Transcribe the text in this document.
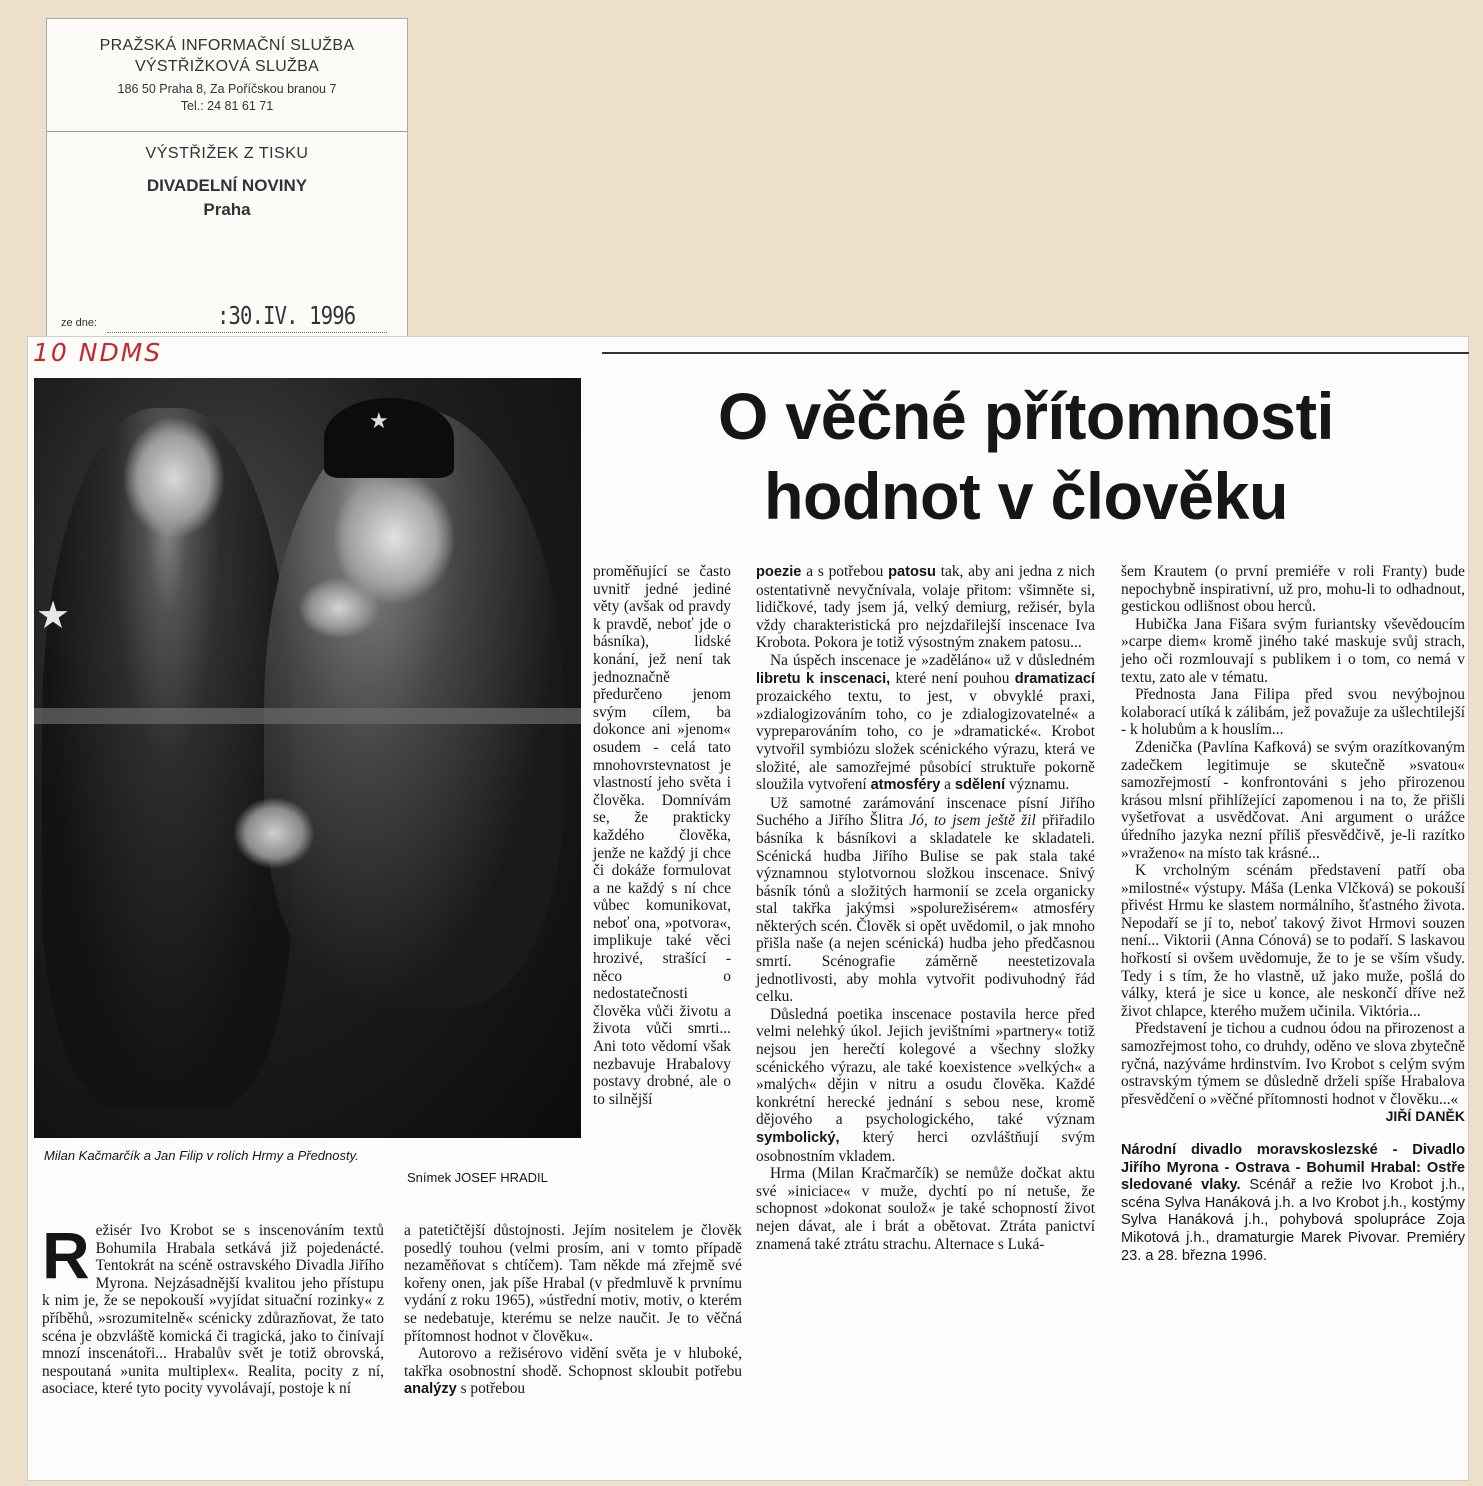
PRAŽSKÁ INFORMAČNÍ SLUŽBA
VÝSTŘIŽKOVÁ SLUŽBA
186 50 Praha 8, Za Poříčskou branou 7
Tel.: 24 81 61 71
VÝSTŘIŽEK Z TISKU
DIVADELNÍ NOVINY
Praha
ze dne:	:30.IV. 1996
10 NDMS
★
★
Milan Kačmarčík a Jan Filip v rolích Hrmy a Přednosty.
Snímek JOSEF HRADIL
O věčné přítomnosti
hodnot v člověku

proměňující se často uvnitř jedné jediné věty (avšak od pravdy k pravdě, neboť jde o básníka), lidské konání, jež není tak jednoznačně předurčeno jenom svým cílem, ba dokonce ani »jenom« osudem - celá tato mnohovrstevnatost je vlastností jeho světa i člověka. Domnívám se, že prakticky každého člověka, jenže ne každý ji chce či dokáže formulovat a ne každý s ní chce vůbec komunikovat, neboť ona, »potvora«, implikuje také věci hrozivé, strašící - něco o nedostatečnosti člověka vůči životu a života vůči smrti... Ani toto vědomí však nezbavuje Hrabalovy postavy drobné, ale o to silnější

Režisér Ivo Krobot se s inscenováním textů Bohumila Hrabala setkává již pojedenácté. Tentokrát na scéně ostravského Divadla Jiřího Myrona. Nejzásadnější kvalitou jeho přístupu k nim je, že se nepokouší »vyjídat situační rozinky« z příběhů, »srozumitelně« scénicky zdůrazňovat, že tato scéna je obzvláště komická či tragická, jako to činívají mnozí inscenátoři... Hrabalův svět je totiž obrovská, nespoutaná »unita multiplex«. Realita, pocity z ní, asociace, které tyto pocity vyvolávají, postoje k ní

a patetičtější důstojnosti. Jejím nositelem je člověk posedlý touhou (velmi prosím, ani v tomto případě nezaměňovat s chtíčem). Tam někde má zřejmě své kořeny onen, jak píše Hrabal (v předmluvě k prvnímu vydání z roku 1965), »ústřední motiv, motiv, o kterém se nedebatuje, kterému se nelze naučit. Je to věčná přítomnost hodnot v člověku«.

Autorovo a režisérovo vidění světa je v hluboké, takřka osobnostní shodě. Schopnost skloubit potřebu analýzy s potřebou

poezie a s potřebou patosu tak, aby ani jedna z nich ostentativně nevyčnívala, volaje přitom: všimněte si, lidičkové, tady jsem já, velký demiurg, režisér, byla vždy charakteristická pro nejzdařilejší inscenace Iva Krobota. Pokora je totiž výsostným znakem patosu...

Na úspěch inscenace je »zaděláno« už v důsledném libretu k inscenaci, které není pouhou dramatizací prozaického textu, to jest, v obvyklé praxi, »zdialogizováním toho, co je zdialogizovatelné« a vypreparováním toho, co je »dramatické«. Krobot vytvořil symbiózu složek scénického výrazu, která ve složité, ale samozřejmé působící struktuře pokorně sloužila vytvoření atmosféry a sdělení významu.

Už samotné zarámování inscenace písní Jiřího Suchého a Jiřího Šlitra Jó, to jsem ještě žil přiřadilo básníka k básníkovi a skladatele ke skladateli. Scénická hudba Jiřího Bulise se pak stala také významnou stylotvornou složkou inscenace. Snivý básník tónů a složitých harmonií se zcela organicky stal takřka jakýmsi »spolurežisérem« atmosféry některých scén. Člověk si opět uvědomil, o jak mnoho přišla naše (a nejen scénická) hudba jeho předčasnou smrtí. Scénografie záměrně neestetizovala jednotlivosti, aby mohla vytvořit podivuhodný řád celku.

Důsledná poetika inscenace postavila herce před velmi nelehký úkol. Jejich jevištními »partnery« totiž nejsou jen herečtí kolegové a všechny složky scénického výrazu, ale také koexistence »velkých« a »malých« dějin v nitru a osudu člověka. Každé konkrétní herecké jednání s sebou nese, kromě dějového a psychologického, také význam symbolický, který herci ozvláštňují svým osobnostním vkladem.

Hrma (Milan Kračmarčík) se nemůže dočkat aktu své »iniciace« v muže, dychtí po ní netuše, že schopnost »dokonat soulož« je také schopností život nejen dávat, ale i brát a obětovat. Ztráta panictví znamená také ztrátu strachu. Alternace s Luká-

šem Krautem (o první premiéře v roli Franty) bude nepochybně inspirativní, už pro, mohu-li to odhadnout, gestickou odlišnost obou herců.

Hubička Jana Fišara svým furiantsky vševědoucím »carpe diem« kromě jiného také maskuje svůj strach, jeho oči rozmlouvají s publikem i o tom, co nemá v textu, zato ale v tématu.

Přednosta Jana Filipa před svou nevýbojnou kolaborací utíká k zálibám, jež považuje za ušlechtilejší - k holubům a k houslím...

Zdenička (Pavlína Kafková) se svým orazítkovaným zadečkem legitimuje se skutečně »svatou« samozřejmostí - konfrontováni s jeho přirozenou krásou mlsní přihlížející zapomenou i na to, že přišli vyšetřovat a usvědčovat. Ani argument o urážce úředního jazyka nezní příliš přesvědčivě, je-li razítko »vraženo« na místo tak krásné...

K vrcholným scénám představení patří oba »milostné« výstupy. Máša (Lenka Vlčková) se pokouší přivést Hrmu ke slastem normálního, šťastného života. Nepodaří se jí to, neboť takový život Hrmovi souzen není... Viktorii (Anna Cónová) se to podaří. S laskavou hořkostí si ovšem uvědomuje, že to je se vším všudy. Tedy i s tím, že ho vlastně, už jako muže, pošlá do války, která je sice u konce, ale neskončí dříve než život chlapce, kterého mužem učinila. Viktória...

Představení je tichou a cudnou ódou na přirozenost a samozřejmost toho, co druhdy, oděno ve slova zbytečně ryčná, nazýváme hrdinstvím. Ivo Krobot s celým svým ostravským týmem se důsledně drželi spíše Hrabalova přesvědčení o »věčné přítomnosti hodnot v člověku...«

JIŘÍ DANĚK
Národní divadlo moravskoslezské - Divadlo Jiřího Myrona - Ostrava - Bohumil Hrabal: Ostře sledované vlaky. Scénář a režie Ivo Krobot j.h., scéna Sylva Hanáková j.h. a Ivo Krobot j.h., kostýmy Sylva Hanáková j.h., pohybová spolupráce Zoja Mikotová j.h., dramaturgie Marek Pivovar. Premiéry 23. a 28. března 1996.
